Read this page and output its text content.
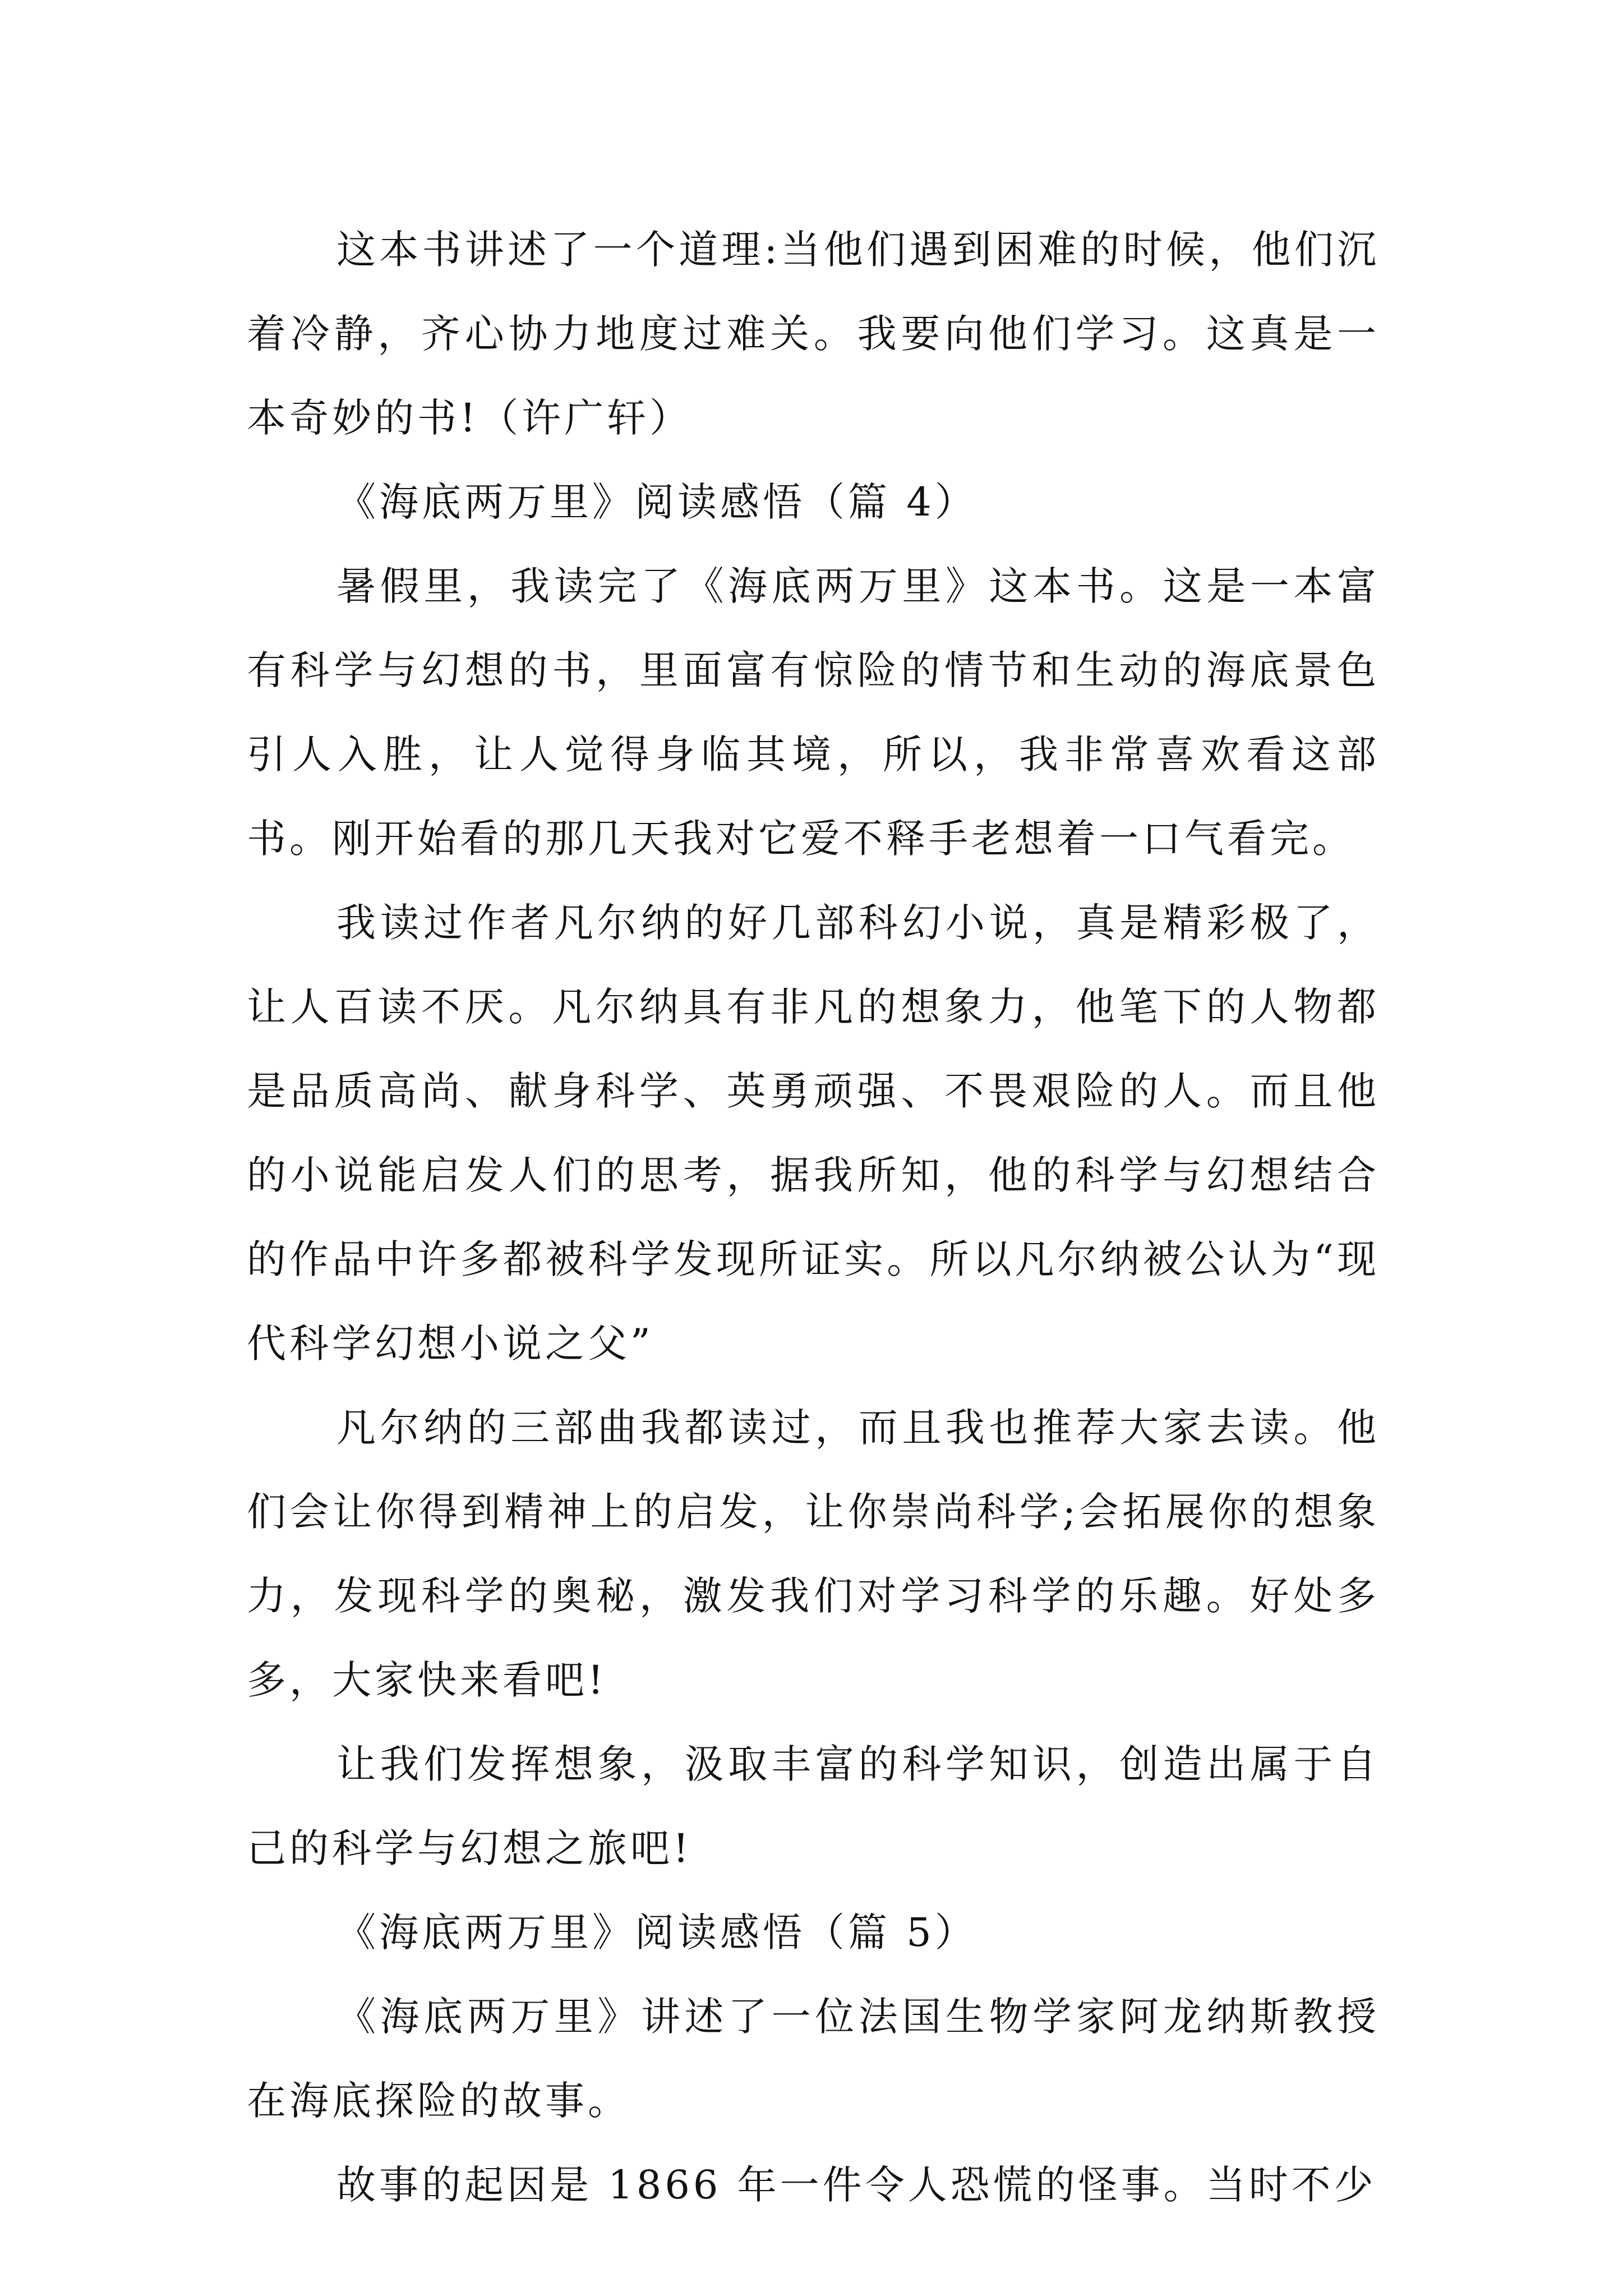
这本书讲述了一个道理:当他们遇到困难的时候，他们沉着冷静，齐心协力地度过难关。我要向他们学习。这真是一本奇妙的书!（许广轩）

《海底两万里》阅读感悟（篇 4）

暑假里，我读完了《海底两万里》这本书。这是一本富有科学与幻想的书，里面富有惊险的情节和生动的海底景色引人入胜，让人觉得身临其境，所以，我非常喜欢看这部书。刚开始看的那几天我对它爱不释手老想着一口气看完。

我读过作者凡尔纳的好几部科幻小说，真是精彩极了，让人百读不厌。凡尔纳具有非凡的想象力，他笔下的人物都是品质高尚、献身科学、英勇顽强、不畏艰险的人。而且他的小说能启发人们的思考，据我所知，他的科学与幻想结合的作品中许多都被科学发现所证实。所以凡尔纳被公认为“现代科学幻想小说之父”

凡尔纳的三部曲我都读过，而且我也推荐大家去读。他们会让你得到精神上的启发，让你崇尚科学;会拓展你的想象力，发现科学的奥秘，激发我们对学习科学的乐趣。好处多多，大家快来看吧!

让我们发挥想象，汲取丰富的科学知识，创造出属于自己的科学与幻想之旅吧!

《海底两万里》阅读感悟（篇 5）

《海底两万里》讲述了一位法国生物学家阿龙纳斯教授在海底探险的故事。

故事的起因是 1866 年一件令人恐慌的怪事。当时不少
